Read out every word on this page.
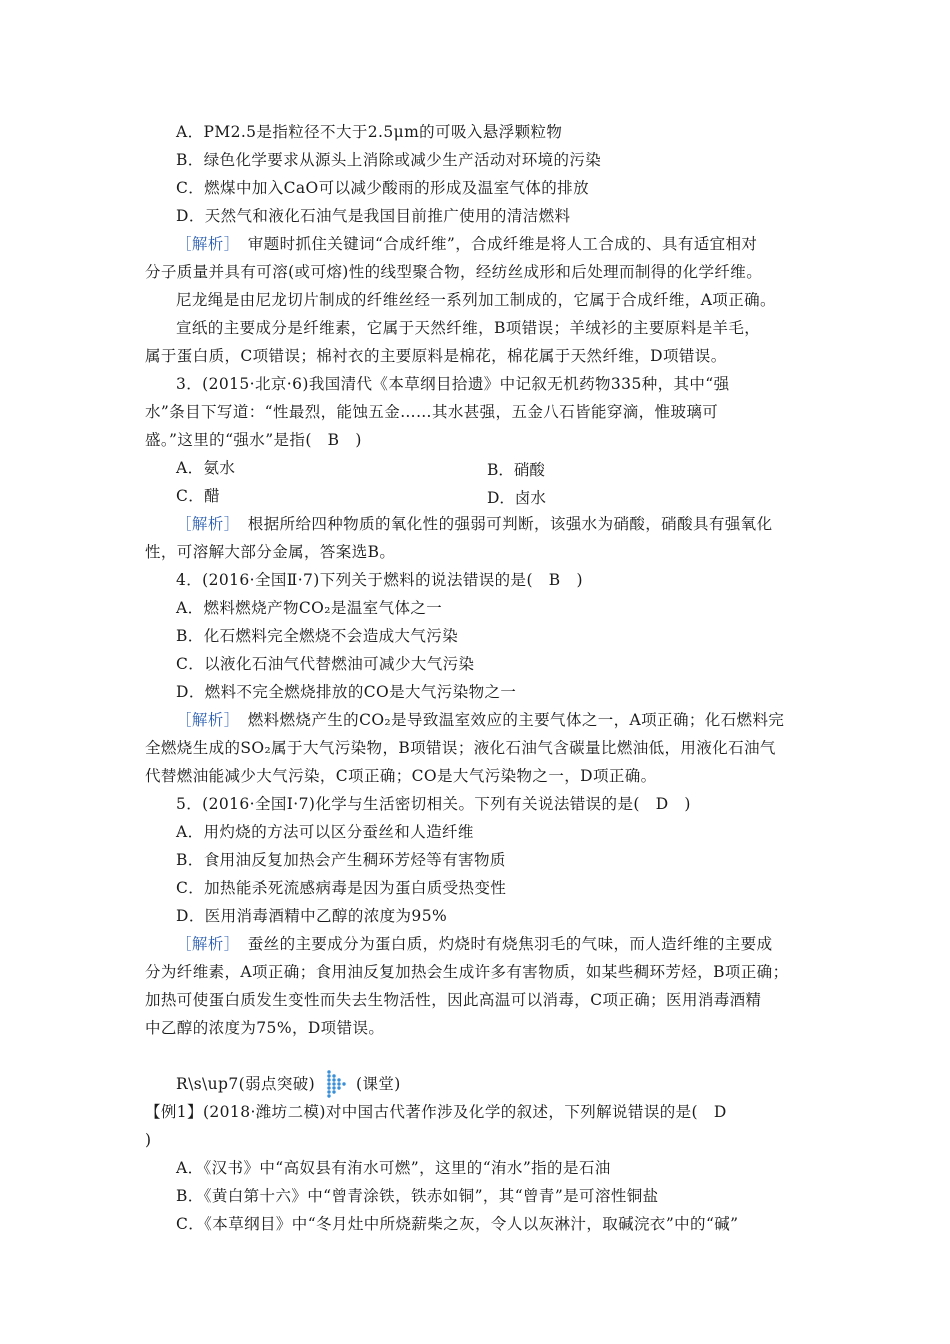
A．PM2.5是指粒径不大于2.5μm的可吸入悬浮颗粒物
B．绿色化学要求从源头上消除或减少生产活动对环境的污染
C．燃煤中加入CaO可以减少酸雨的形成及温室气体的排放
D．天然气和液化石油气是我国目前推广使用的清洁燃料
［解析］　 审题时抓住关键词“合成纤维”，合成纤维是将人工合成的、具有适宜相对
分子质量并具有可溶(或可熔)性的线型聚合物，经纺丝成形和后处理而制得的化学纤维。
尼龙绳是由尼龙切片制成的纤维丝经一系列加工制成的，它属于合成纤维，A项正确。
宣纸的主要成分是纤维素，它属于天然纤维，B项错误；羊绒衫的主要原料是羊毛，
属于蛋白质，C项错误；棉衬衣的主要原料是棉花，棉花属于天然纤维，D项错误。
3．(2015·北京·6)我国清代《本草纲目拾遗》中记叙无机药物335种，其中“强
水”条目下写道：“性最烈，能蚀五金……其水甚强，五金八石皆能穿滴，惟玻璃可
盛。”这里的“强水”是指(　B　)
A．氨水	B．硝酸
C．醋	D．卤水
［解析］　 根据所给四种物质的氧化性的强弱可判断，该强水为硝酸，硝酸具有强氧化
性，可溶解大部分金属，答案选B。
4．(2016·全国Ⅱ·7)下列关于燃料的说法错误的是(　B　)
A．燃料燃烧产物CO₂是温室气体之一
B．化石燃料完全燃烧不会造成大气污染
C．以液化石油气代替燃油可减少大气污染
D．燃料不完全燃烧排放的CO是大气污染物之一
［解析］　 燃料燃烧产生的CO₂是导致温室效应的主要气体之一，A项正确；化石燃料完
全燃烧生成的SO₂属于大气污染物，B项错误；液化石油气含碳量比燃油低，用液化石油气
代替燃油能减少大气污染，C项正确；CO是大气污染物之一，D项正确。
5．(2016·全国Ⅰ·7)化学与生活密切相关。下列有关说法错误的是(　D　)
A．用灼烧的方法可以区分蚕丝和人造纤维
B．食用油反复加热会产生稠环芳烃等有害物质
C．加热能杀死流感病毒是因为蛋白质受热变性
D．医用消毒酒精中乙醇的浓度为95%
［解析］　 蚕丝的主要成分为蛋白质，灼烧时有烧焦羽毛的气味，而人造纤维的主要成
分为纤维素，A项正确；食用油反复加热会生成许多有害物质，如某些稠环芳烃，B项正确；
加热可使蛋白质发生变性而失去生物活性，因此高温可以消毒，C项正确；医用消毒酒精
中乙醇的浓度为75%，D项错误。
R\s\up7(弱点突破)	(课堂)
【例1】(2018·潍坊二模)对中国古代著作涉及化学的叙述，下列解说错误的是(　D
)
A．《汉书》中“高奴县有洧水可燃”，这里的“洧水”指的是石油
B．《黄白第十六》中“曾青涂铁，铁赤如铜”，其“曾青”是可溶性铜盐
C．《本草纲目》中“冬月灶中所烧薪柴之灰，令人以灰淋汁，取碱浣衣”中的“碱”
